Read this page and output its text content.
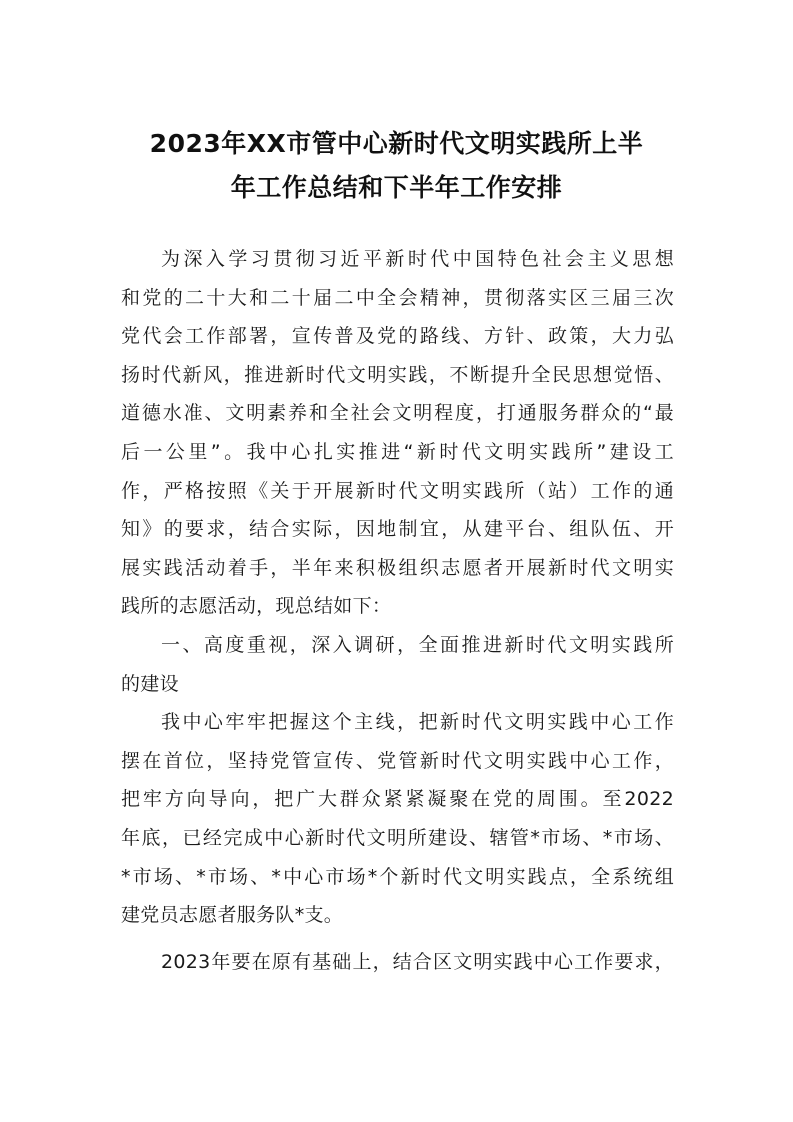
2023年XX市管中心新时代文明实践所上半
年工作总结和下半年工作安排
为深入学习贯彻习近平新时代中国特色社会主义思想
和党的二十大和二十届二中全会精神，贯彻落实区三届三次
党代会工作部署，宣传普及党的路线、方针、政策，大力弘
扬时代新风，推进新时代文明实践，不断提升全民思想觉悟、
道德水准、文明素养和全社会文明程度，打通服务群众的“最
后一公里”。我中心扎实推进“新时代文明实践所”建设工
作，严格按照《关于开展新时代文明实践所（站）工作的通
知》的要求，结合实际，因地制宜，从建平台、组队伍、开
展实践活动着手，半年来积极组织志愿者开展新时代文明实
践所的志愿活动，现总结如下：
一、高度重视，深入调研，全面推进新时代文明实践所
的建设
我中心牢牢把握这个主线，把新时代文明实践中心工作
摆在首位，坚持党管宣传、党管新时代文明实践中心工作，
把牢方向导向，把广大群众紧紧凝聚在党的周围。至2022
年底，已经完成中心新时代文明所建设、辖管*市场、*市场、
*市场、*市场、*中心市场*个新时代文明实践点，全系统组
建党员志愿者服务队*支。
2023年要在原有基础上，结合区文明实践中心工作要求，
